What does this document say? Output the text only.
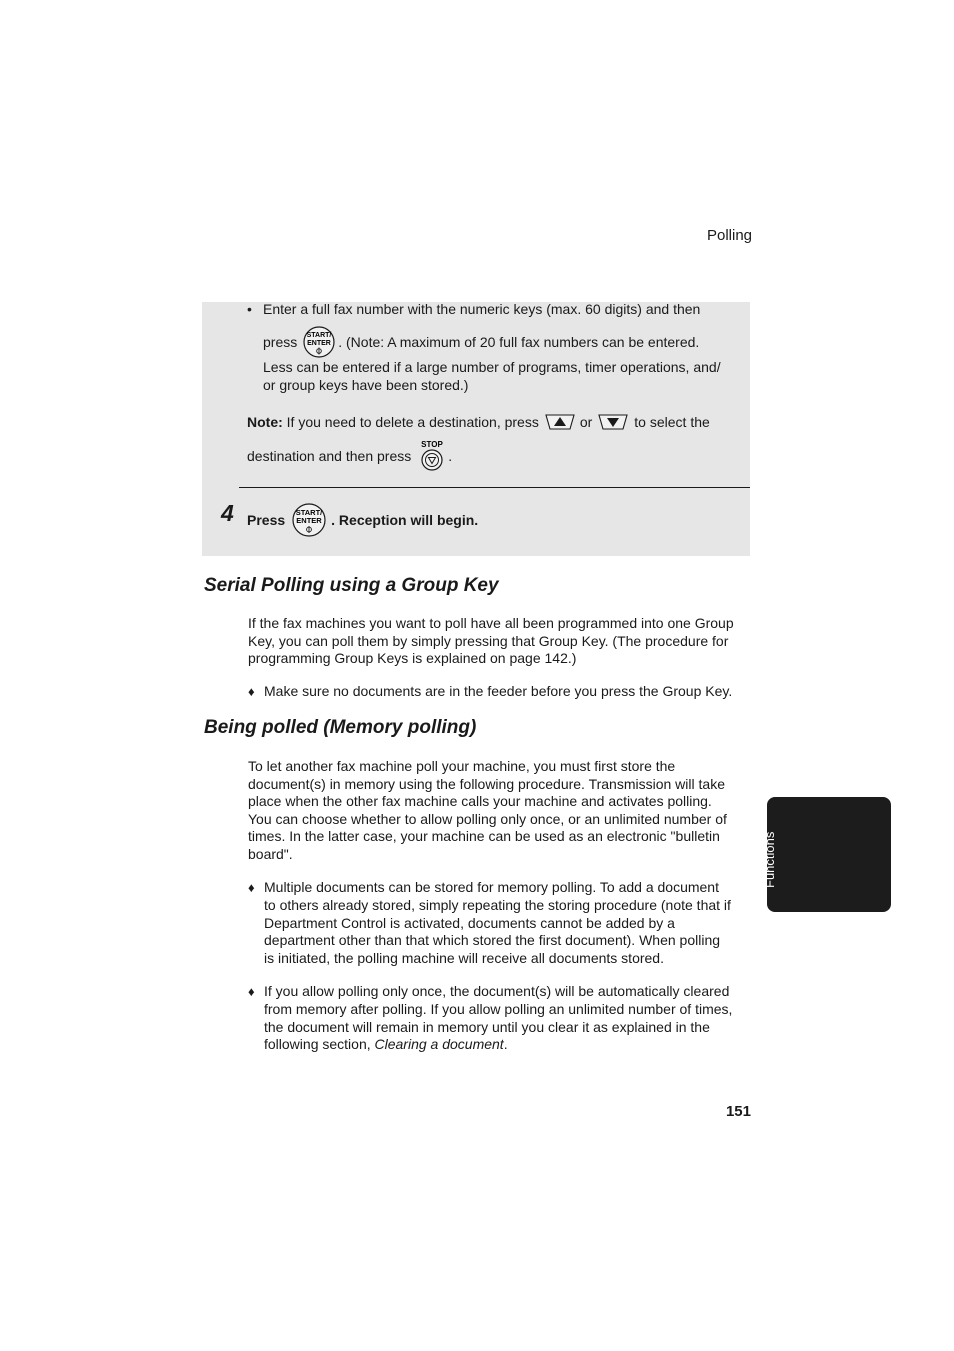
Polling
• Enter a full fax number with the numeric keys (max. 60 digits) and then
press START/
ENTER . (Note: A maximum of 20 full fax numbers can be entered.
Less can be entered if a large number of programs, timer operations, and/
or group keys have been stored.)
Note: If you need to delete a destination, press	or	to select the
destination and then press
STOP
.
4 Press START/
ENTER . Reception will begin.
Serial Polling using a Group Key
If the fax machines you want to poll have all been programmed into one Group
Key, you can poll them by simply pressing that Group Key. (The procedure for
programming Group Keys is explained on page 142.)
♦ Make sure no documents are in the feeder before you press the Group Key.
Being polled (Memory polling)
To let another fax machine poll your machine, you must first store the
document(s) in memory using the following procedure. Transmission will take
place when the other fax machine calls your machine and activates polling.
You can choose whether to allow polling only once, or an unlimited number of
times. In the latter case, your machine can be used as an electronic "bulletin
board".
♦ Multiple documents can be stored for memory polling. To add a document
to others already stored, simply repeating the storing procedure (note that if
Department Control is activated, documents cannot be added by a
department other than that which stored the first document). When polling
is initiated, the polling machine will receive all documents stored.
♦ If you allow polling only once, the document(s) will be automatically cleared
from memory after polling. If you allow polling an unlimited number of times,
the document will remain in memory until you clear it as explained in the
following section, Clearing a document.
6. Special Functions
151
